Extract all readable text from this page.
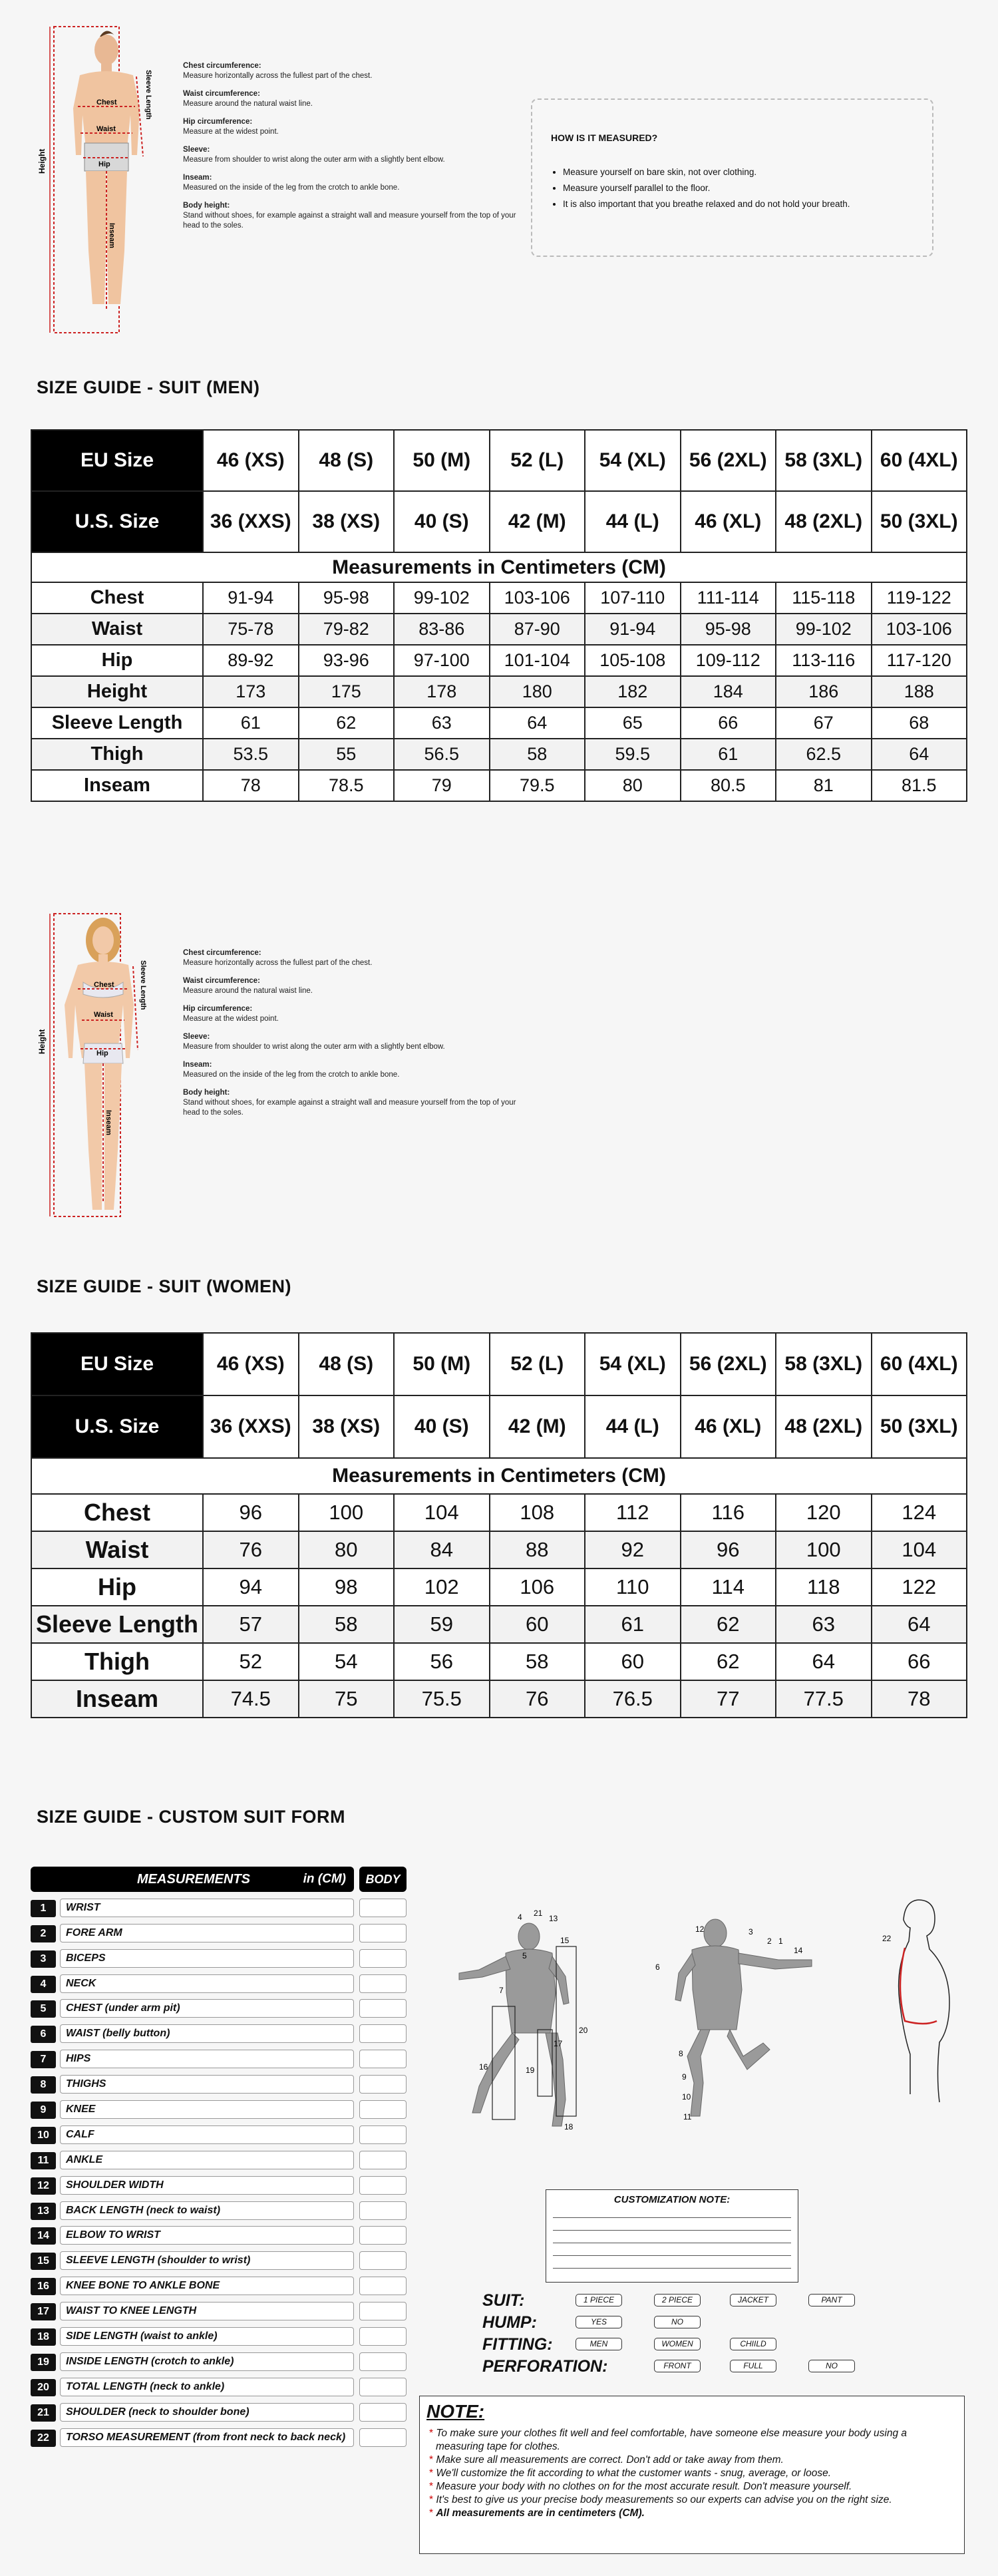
Height
Chest
Waist
Hip
Sleeve Length
Inseam
Chest circumference:
Measure horizontally across the fullest part of the chest.
Waist circumference:
Measure around the natural waist line.
Hip circumference:
Measure at the widest point.
Sleeve:
Measure from shoulder to wrist along the outer arm with a slightly bent elbow.
Inseam:
Measured on the inside of the leg from the crotch to ankle bone.
Body height:
Stand without shoes, for example against a straight wall and measure yourself from the top of your head to the soles.
HOW IS IT MEASURED?
• Measure yourself on bare skin, not over clothing.
• Measure yourself parallel to the floor.
• It is also important that you breathe relaxed and do not hold your breath.
SIZE GUIDE - SUIT (MEN)
EU Size	46 (XS)	48 (S)	50 (M)	52 (L)	54 (XL)	56 (2XL)	58 (3XL)	60 (4XL)
U.S. Size	36 (XXS)	38 (XS)	40 (S)	42 (M)	44 (L)	46 (XL)	48 (2XL)	50 (3XL)
Measurements in Centimeters (CM)								
Chest	91-94	95-98	99-102	103-106	107-110	111-114	115-118	119-122
Waist	75-78	79-82	83-86	87-90	91-94	95-98	99-102	103-106
Hip	89-92	93-96	97-100	101-104	105-108	109-112	113-116	117-120
Height	173	175	178	180	182	184	186	188
Sleeve Length	61	62	63	64	65	66	67	68
Thigh	53.5	55	56.5	58	59.5	61	62.5	64
Inseam	78	78.5	79	79.5	80	80.5	81	81.5
Height
Chest
Waist
Hip
Sleeve Length
Inseam
Chest circumference:
Measure horizontally across the fullest part of the chest.
Waist circumference:
Measure around the natural waist line.
Hip circumference:
Measure at the widest point.
Sleeve:
Measure from shoulder to wrist along the outer arm with a slightly bent elbow.
Inseam:
Measured on the inside of the leg from the crotch to ankle bone.
Body height:
Stand without shoes, for example against a straight wall and measure yourself from the top of your head to the soles.
SIZE GUIDE - SUIT (WOMEN)
EU Size	46 (XS)	48 (S)	50 (M)	52 (L)	54 (XL)	56 (2XL)	58 (3XL)	60 (4XL)
U.S. Size	36 (XXS)	38 (XS)	40 (S)	42 (M)	44 (L)	46 (XL)	48 (2XL)	50 (3XL)
Measurements in Centimeters (CM)								
Chest	96	100	104	108	112	116	120	124
Waist	76	80	84	88	92	96	100	104
Hip	94	98	102	106	110	114	118	122
Sleeve Length	57	58	59	60	61	62	63	64
Thigh	52	54	56	58	60	62	64	66
Inseam	74.5	75	75.5	76	76.5	77	77.5	78
SIZE GUIDE - CUSTOM SUIT FORM
MEASUREMENTS	in (CM)	BODY
1	WRIST
2	FORE ARM
3	BICEPS
4	NECK
5	CHEST (under arm pit)
6	WAIST (belly button)
7	HIPS
8	THIGHS
9	KNEE
10	CALF
11	ANKLE
12	SHOULDER WIDTH
13	BACK LENGTH (neck to waist)
14	ELBOW TO WRIST
15	SLEEVE LENGTH (shoulder to wrist)
16	KNEE BONE TO ANKLE BONE
17	WAIST TO KNEE LENGTH
18	SIDE LENGTH (waist to ankle)
19	INSIDE LENGTH (crotch to ankle)
20	TOTAL LENGTH (neck to ankle)
21	SHOULDER (neck to shoulder bone)
22	TORSO MEASUREMENT (from front neck to back neck)
4 21
13
15
5
7
16
17
18
19
20
12	3
2 1
14
6
8
9
10
11
22
CUSTOMIZATION NOTE:
SUIT:	1 PIECE	2 PIECE	JACKET	PANT
HUMP:	YES	NO
FITTING:	MEN	WOMEN	CHIILD
PERFORATION:	FRONT	FULL	NO
NOTE:
* To make sure your clothes fit well and feel comfortable, have someone else measure your body using a measuring tape for clothes.
* Make sure all measurements are correct. Don't add or take away from them.
* We'll customize the fit according to what the customer wants - snug, average, or loose.
* Measure your body with no clothes on for the most accurate result. Don't measure yourself.
* It's best to give us your precise body measurements so our experts can advise you on the right size.
* All measurements are in centimeters (CM).
